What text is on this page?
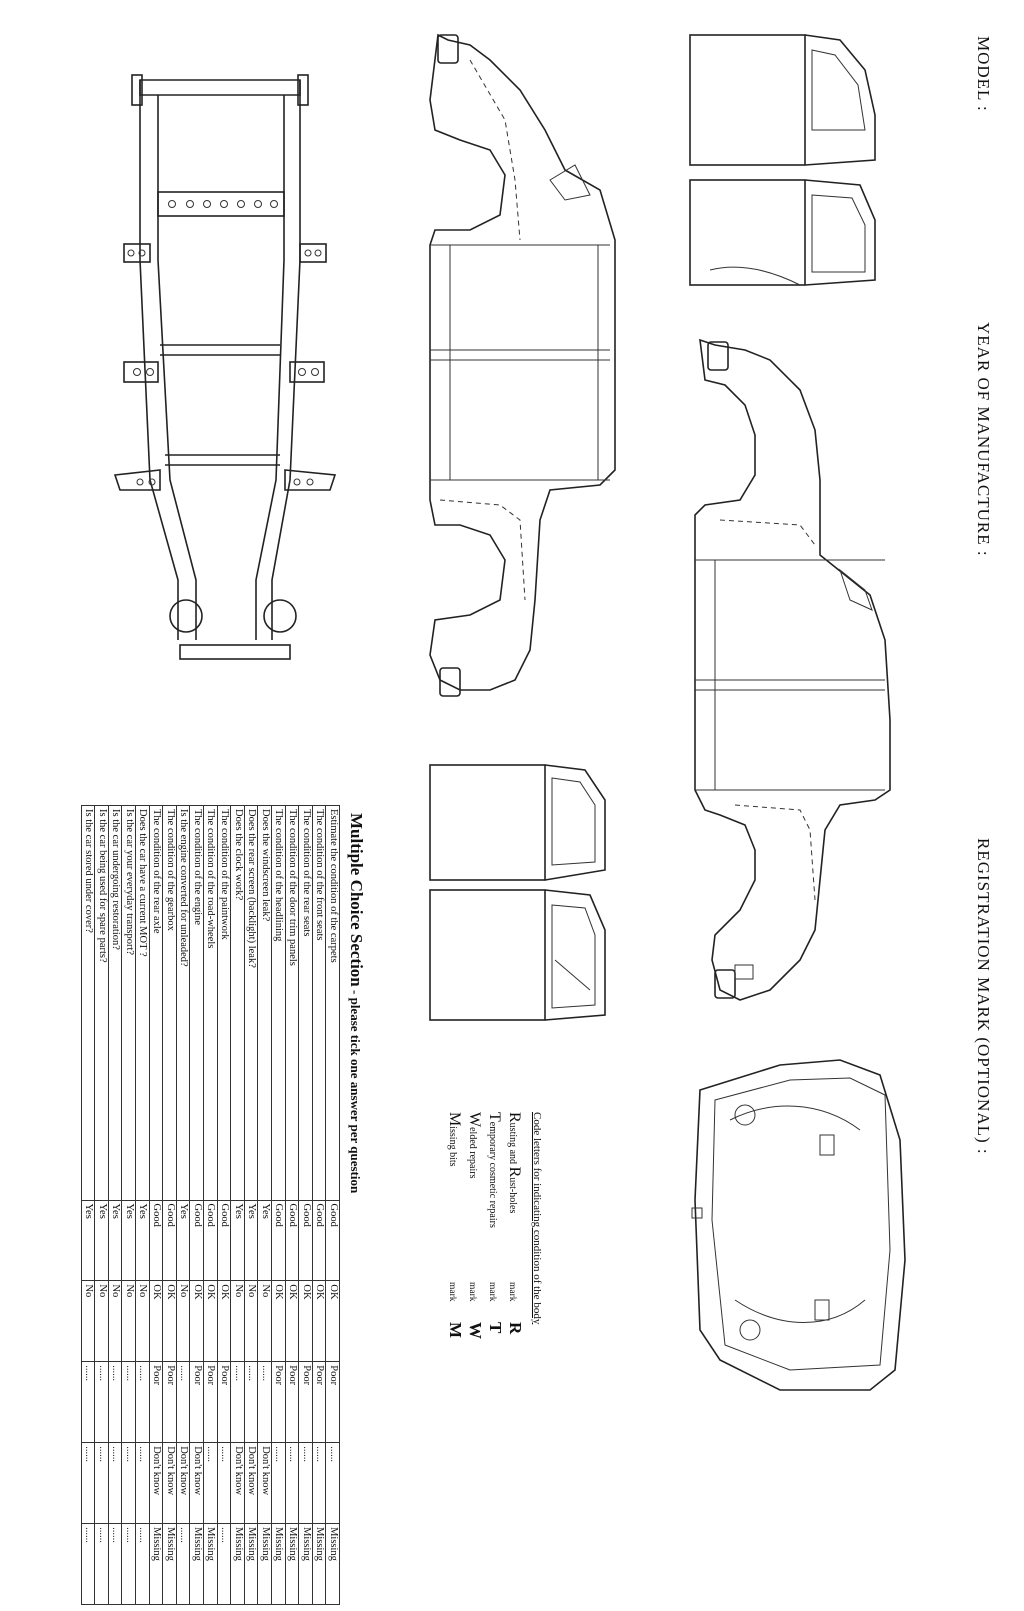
MODEL :
YEAR OF MANUFACTURE :
REGISTRATION MARK (OPTIONAL) :
Code letters for indicating condition of the body
Rusting and Rust-holes
mark
R
Temporary cosmetic repairs
mark
T
Welded repairs
mark
W
Missing bits
mark
M
Multiple Choice Section - please tick one answer per question
Estimate the condition of the carpets	Good	OK	Poor	......	Missing
The condition of the front seats	Good	OK	Poor	......	Missing
The condition of the rear seats	Good	OK	Poor	......	Missing
The condition of the door trim panels	Good	OK	Poor	......	Missing
The condition of the headlining	Good	OK	Poor	......	Missing
Does the windscreen leak?	Yes	No	......	Don't know	Missing
Does the rear screen (backlight) leak?	Yes	No	......	Don't know	Missing
Does the clock work?	Yes	No	......	Don't know	Missing
The condition of the paintwork	Good	OK	Poor	......	......
The condition of the road-wheels	Good	OK	Poor	......	Missing
The condition of the engine	Good	OK	Poor	Don't know	Missing
Is the engine converted for unleaded?	Yes	No	......	Don't know	......
The condition of the gearbox	Good	OK	Poor	Don't know	Missing
The condition of the rear axle	Good	OK	Poor	Don't know	Missing
Does the car have a current MOT ?	Yes	No	......	......	......
Is the car your everyday transport?	Yes	No	......	......	......
Is the car undergoing restoration?	Yes	No	......	......	......
Is the car being used for spare parts?	Yes	No	......	......	......
Is the car stored under cover?	Yes	No	......	......	......
